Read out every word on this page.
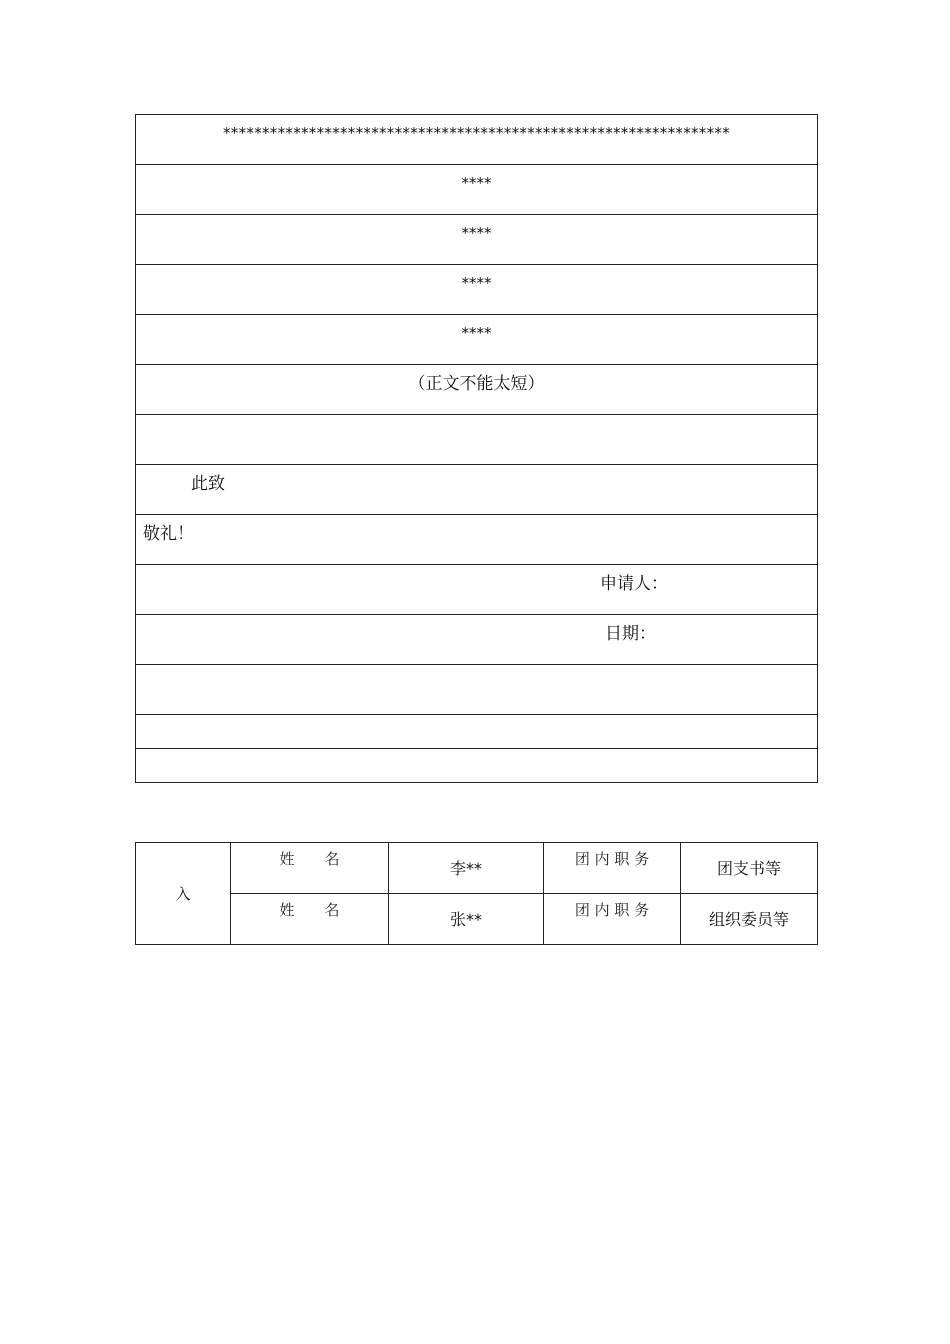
*****************************************************************

****

****

****

****

（正文不能太短）

此致

敬礼！

申请人：

日期：

入	姓　　名	李**	团 内 职 务	团支书等

	姓　　名	张**	团 内 职 务	组织委员等
